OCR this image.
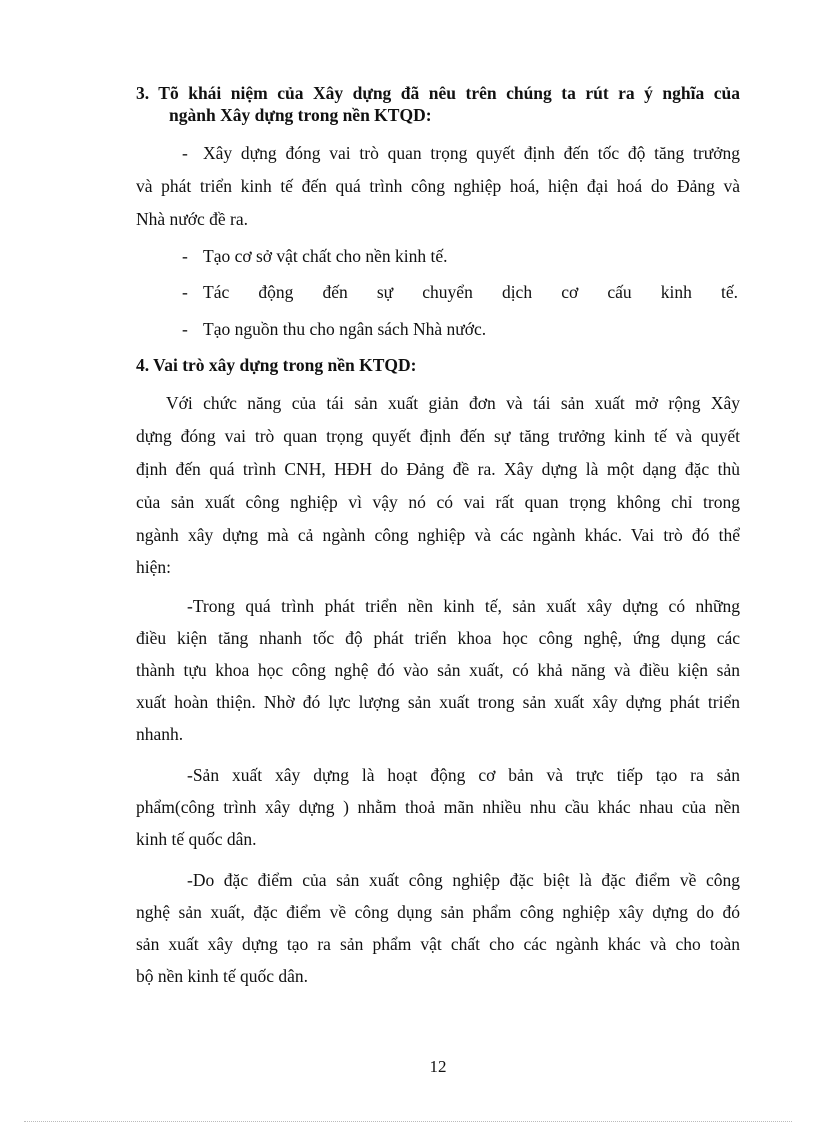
3. Tõ khái niệm của Xây dựng đã nêu trên chúng ta rút ra ý nghĩa của
ngành Xây dựng trong nền KTQD:
- Xây dựng đóng vai trò quan trọng quyết định đến tốc độ tăng trưởng
và phát triển kinh tế đến quá trình công nghiệp hoá, hiện đại hoá do Đảng và
Nhà nước đề ra.
- Tạo cơ sở vật chất cho nền kinh tế.
- Tác động đến sự chuyển dịch cơ cấu kinh tế.
- Tạo nguồn thu cho ngân sách Nhà nước.
4. Vai trò xây dựng trong nền KTQD:
Với chức năng của tái sản xuất giản đơn và tái sản xuất mở rộng Xây
dựng đóng vai trò quan trọng quyết định đến sự tăng trưởng kinh tế và quyết
định đến quá trình CNH, HĐH do Đảng đề ra. Xây dựng là một dạng đặc thù
của sản xuất công nghiệp vì vậy nó có vai rất quan trọng không chỉ trong
ngành xây dựng mà cả ngành công nghiệp và các ngành khác. Vai trò đó thể
hiện:
-Trong quá trình phát triển nền kinh tế, sản xuất xây dựng có những
điều kiện tăng nhanh tốc độ phát triển khoa học công nghệ, ứng dụng các
thành tựu khoa học công nghệ đó vào sản xuất, có khả năng và điều kiện sản
xuất hoàn thiện. Nhờ đó lực lượng sản xuất trong sản xuất xây dựng phát triển
nhanh.
-Sản xuất xây dựng là hoạt động cơ bản và trực tiếp tạo ra sản
phẩm(công trình xây dựng ) nhằm thoả mãn nhiều nhu cầu khác nhau của nền
kinh tế quốc dân.
-Do đặc điểm của sản xuất công nghiệp đặc biệt là đặc điểm về công
nghệ sản xuất, đặc điểm về công dụng sản phẩm công nghiệp xây dựng do đó
sản xuất xây dựng tạo ra sản phẩm vật chất cho các ngành khác và cho toàn
bộ nền kinh tế quốc dân.
12
